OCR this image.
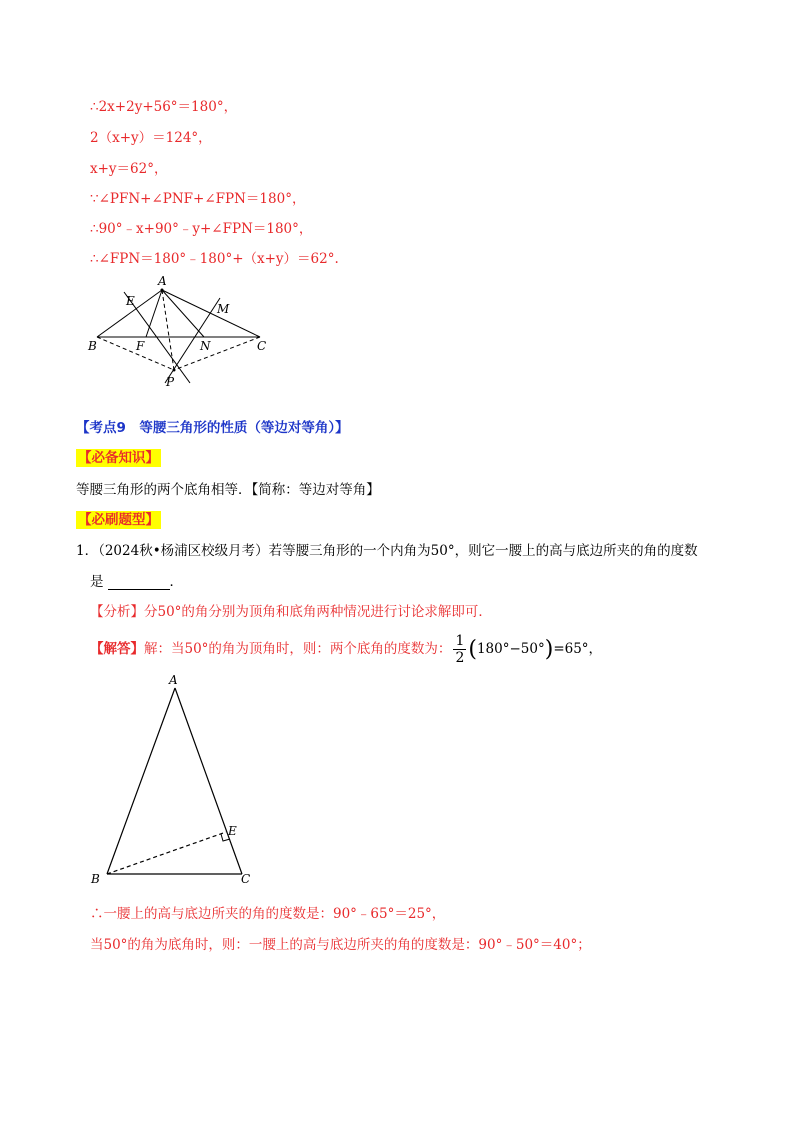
∴2x+2y+56°＝180°，
2（x+y）＝124°，
x+y＝62°，
∵∠PFN+∠PNF+∠FPN＝180°，
∴90°﹣x+90°﹣y+∠FPN＝180°，
∴∠FPN＝180°﹣180°+（x+y）＝62°.
A
E
M
B	F	N	C
P
【考点9　等腰三角形的性质（等边对等角）】
【必备知识】
等腰三角形的两个底角相等．【简称：等边对等角】
【必刷题型】
1．（2024秋•杨浦区校级月考）若等腰三角形的一个内角为50°，则它一腰上的高与底边所夹的角的度数
是	．
【分析】分50°的角分别为顶角和底角两种情况进行讨论求解即可．
【解答】解：当50°的角为顶角时，则：两个底角的度数为： $\frac{1}{2} (180^\circ-50^\circ)=65^\circ$，
A
E
B	C
∴一腰上的高与底边所夹的角的度数是：90°﹣65°＝25°，
当50°的角为底角时，则：一腰上的高与底边所夹的角的度数是：90°﹣50°＝40°；
